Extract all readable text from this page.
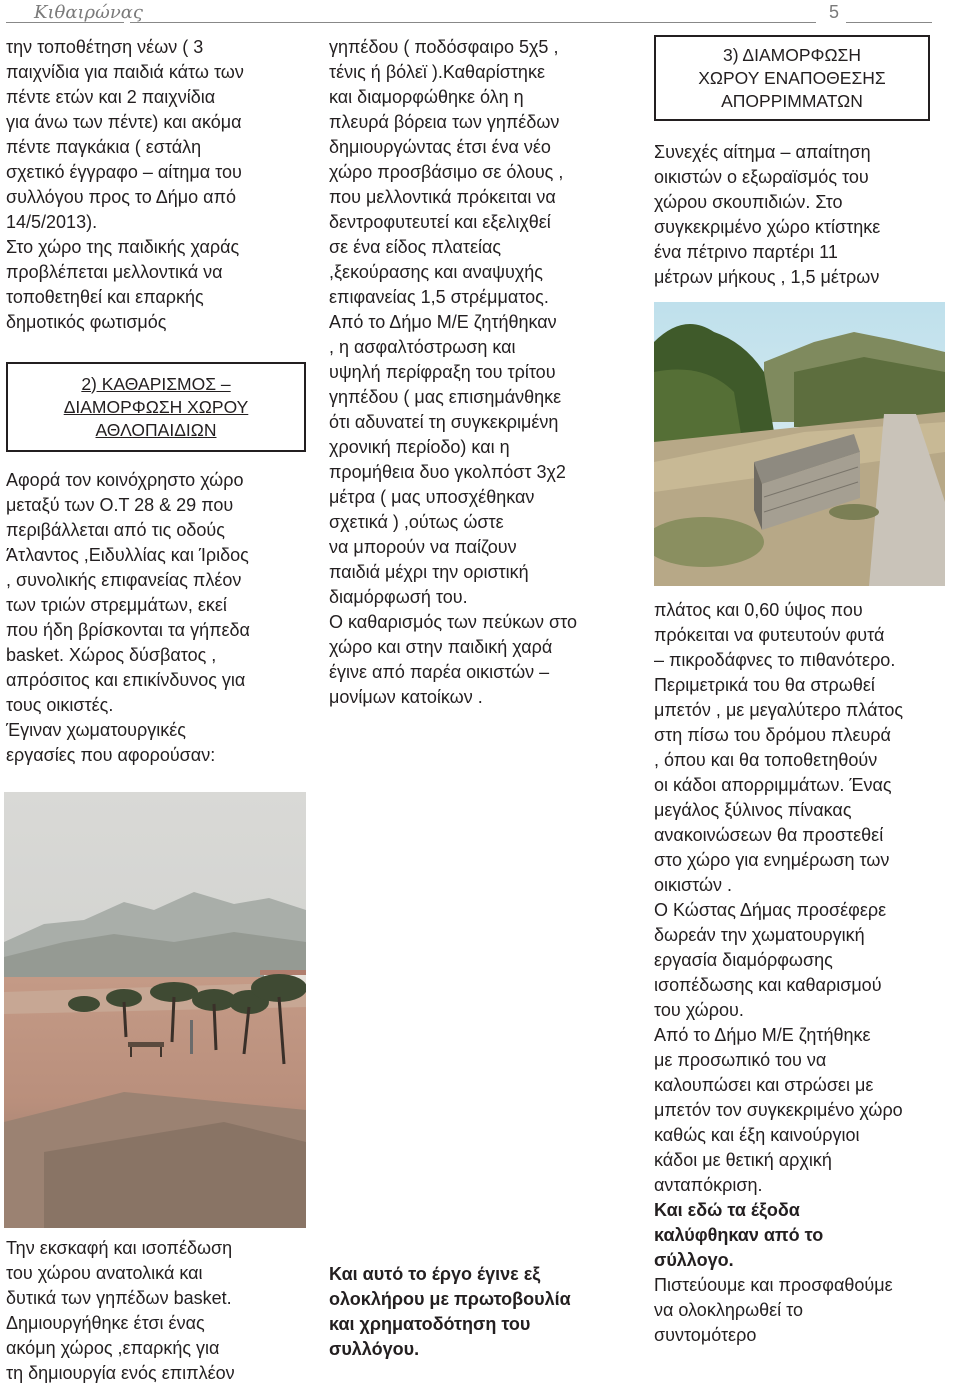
Κιθαιρώνας	5

την τοποθέτηση νέων ( 3
παιχνίδια για παιδιά κάτω των
πέντε ετών και 2 παιχνίδια
για άνω των πέντε) και ακόμα
πέντε παγκάκια ( εστάλη
σχετικό έγγραφο – αίτημα του
συλλόγου προς το Δήμο από
14/5/2013).
Στο χώρο της παιδικής χαράς
προβλέπεται μελλοντικά να
τοποθετηθεί και επαρκής
δημοτικός φωτισμός

2) ΚΑΘΑΡΙΣΜΟΣ –
ΔΙΑΜΟΡΦΩΣΗ ΧΩΡΟΥ
ΑΘΛΟΠΑΙΔΙΩΝ

Αφορά τον κοινόχρηστο χώρο
μεταξύ των Ο.Τ 28 & 29 που
περιβάλλεται από τις οδούς
Άτλαντος ,Ειδυλλίας και Ίριδος
, συνολικής επιφανείας πλέον
των τριών στρεμμάτων, εκεί
που ήδη βρίσκονται τα γήπεδα
basket. Χώρος δύσβατος ,
απρόσιτος και επικίνδυνος για
τους οικιστές.
Έγιναν χωματουργικές
εργασίες που αφορούσαν:

Την εκσκαφή και ισοπέδωση
του χώρου ανατολικά και
δυτικά των γηπέδων basket.
Δημιουργήθηκε έτσι ένας
ακόμη χώρος ,επαρκής για
τη δημιουργία ενός επιπλέον

γηπέδου ( ποδόσφαιρο 5χ5 ,
τένις ή βόλεϊ ).Καθαρίστηκε
και διαμορφώθηκε όλη η
πλευρά βόρεια των γηπέδων
δημιουργώντας έτσι ένα νέο
χώρο προσβάσιμο σε όλους ,
που μελλοντικά πρόκειται να
δεντροφυτευτεί και εξελιχθεί
σε ένα είδος πλατείας
,ξεκούρασης και αναψυχής
επιφανείας 1,5 στρέμματος.
Από το Δήμο Μ/Ε ζητήθηκαν
, η ασφαλτόστρωση και
υψηλή περίφραξη του τρίτου
γηπέδου ( μας επισημάνθηκε
ότι αδυνατεί τη συγκεκριμένη
χρονική περίοδο) και η
προμήθεια δυο γκολπόστ 3χ2
μέτρα ( μας υποσχέθηκαν
σχετικά ) ,ούτως ώστε
να μπορούν να παίζουν
παιδιά μέχρι την οριστική
διαμόρφωσή του.
Ο καθαρισμός των πεύκων στο
χώρο και στην παιδική χαρά
έγινε από παρέα οικιστών –
μονίμων κατοίκων .

Και αυτό το έργο έγινε εξ
ολοκλήρου με πρωτοβουλία
και χρηματοδότηση του
συλλόγου.

3) ΔΙΑΜΟΡΦΩΣΗ
ΧΩΡΟΥ ΕΝΑΠΟΘΕΣΗΣ
ΑΠΟΡΡΙΜΜΑΤΩΝ

Συνεχές αίτημα – απαίτηση
οικιστών ο εξωραϊσμός του
χώρου σκουπιδιών. Στο
συγκεκριμένο χώρο κτίστηκε
ένα πέτρινο παρτέρι 11
μέτρων μήκους , 1,5 μέτρων

πλάτος και 0,60 ύψος που
πρόκειται να φυτευτούν φυτά
– πικροδάφνες το πιθανότερο.
Περιμετρικά του θα στρωθεί
μπετόν , με μεγαλύτερο πλάτος
στη πίσω του δρόμου πλευρά
, όπου και θα τοποθετηθούν
οι κάδοι απορριμμάτων. Ένας
μεγάλος ξύλινος πίνακας
ανακοινώσεων θα προστεθεί
στο χώρο για ενημέρωση των
οικιστών .
Ο Κώστας Δήμας προσέφερε
δωρεάν την χωματουργική
εργασία διαμόρφωσης
ισοπέδωσης και καθαρισμού
του χώρου.
Από το Δήμο Μ/Ε ζητήθηκε
με προσωπικό του να
καλουπώσει και στρώσει με
μπετόν τον συγκεκριμένο χώρο
καθώς και έξη καινούργιοι
κάδοι με θετική αρχική
ανταπόκριση.

Και εδώ τα έξοδα
καλύφθηκαν από το
σύλλογο.

Πιστεύουμε και προσφαθούμε
να ολοκληρωθεί το
συντομότερο
